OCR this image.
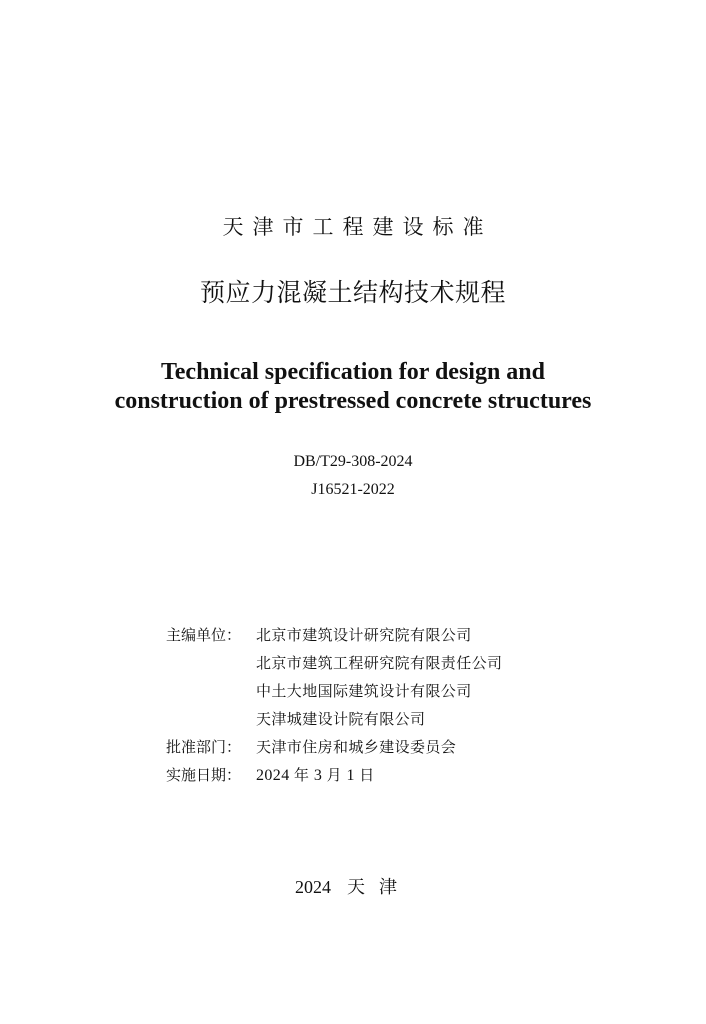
天津市工程建设标准
预应力混凝土结构技术规程
Technical specification for design and
construction of prestressed concrete structures
DB/T29-308-2024
J16521-2022
主编单位： 北京市建筑设计研究院有限公司
北京市建筑工程研究院有限责任公司
中土大地国际建筑设计有限公司
天津城建设计院有限公司
批准部门： 天津市住房和城乡建设委员会
实施日期： 2024 年 3 月 1 日
2024 天津
